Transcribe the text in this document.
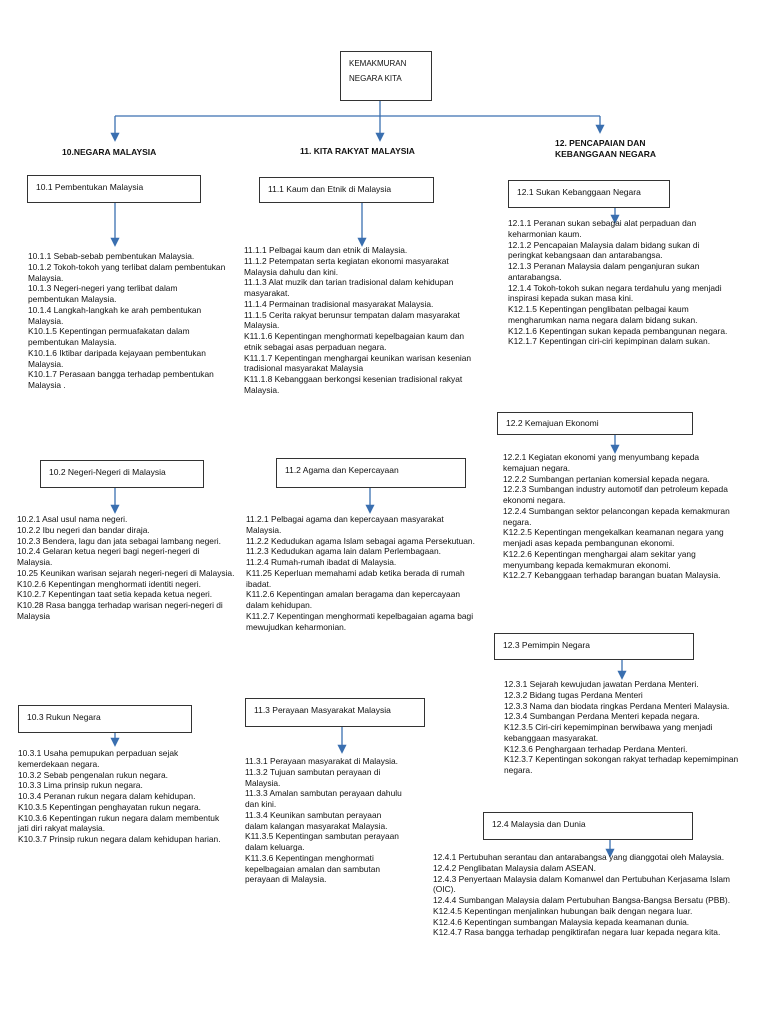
KEMAKMURAN
NEGARA KITA
10.NEGARA MALAYSIA	11. KITA RAKYAT MALAYSIA
12. PENCAPAIAN DAN KEBANGGAAN NEGARA
10.1 Pembentukan Malaysia
10.1.1 Sebab-sebab pembentukan Malaysia.
10.1.2 Tokoh-tokoh yang terlibat dalam pembentukan Malaysia.
10.1.3 Negeri-negeri yang terlibat dalam pembentukan Malaysia.
10.1.4 Langkah-langkah ke arah pembentukan Malaysia.
K10.1.5 Kepentingan permuafakatan dalam pembentukan Malaysia.
K10.1.6 Iktibar daripada kejayaan pembentukan Malaysia.
K10.1.7 Perasaan bangga terhadap pembentukan Malaysia .
10.2 Negeri-Negeri di Malaysia
10.2.1 Asal usul nama negeri.
10.2.2 Ibu negeri dan bandar diraja.
10.2.3 Bendera, lagu dan jata sebagai lambang negeri.
10.2.4 Gelaran ketua negeri bagi negeri-negeri di Malaysia.
10.25 Keunikan warisan sejarah negeri-negeri di Malaysia.
K10.2.6 Kepentingan menghormati identiti negeri.
K10.2.7 Kepentingan taat setia kepada ketua negeri.
K10.28 Rasa bangga terhadap warisan negeri-negeri di Malaysia
10.3 Rukun Negara
10.3.1 Usaha pemupukan perpaduan sejak kemerdekaan negara.
10.3.2 Sebab pengenalan rukun negara.
10.3.3 Lima prinsip rukun negara.
10.3.4 Peranan rukun negara dalam kehidupan.
K10.3.5 Kepentingan penghayatan rukun negara.
K10.3.6 Kepentingan rukun negara dalam membentuk jati diri rakyat malaysia.
K10.3.7 Prinsip rukun negara dalam kehidupan harian.
11.1 Kaum dan Etnik di Malaysia
11.1.1 Pelbagai kaum dan etnik di Malaysia.
11.1.2 Petempatan serta kegiatan ekonomi masyarakat Malaysia dahulu dan kini.
11.1.3 Alat muzik dan tarian tradisional dalam kehidupan masyarakat.
11.1.4 Permainan tradisional masyarakat Malaysia.
11.1.5 Cerita rakyat berunsur tempatan dalam masyarakat Malaysia.
K11.1.6 Kepentingan menghormati kepelbagaian kaum dan etnik sebagai asas perpaduan negara.
K11.1.7 Kepentingan menghargai keunikan warisan kesenian tradisional masyarakat Malaysia
K11.1.8 Kebanggaan berkongsi kesenian tradisional rakyat Malaysia.
11.2 Agama dan Kepercayaan
11.2.1 Pelbagai agama dan kepercayaan masyarakat Malaysia.
11.2.2 Kedudukan agama Islam sebagai agama Persekutuan.
11.2.3 Kedudukan agama lain dalam Perlembagaan.
11.2.4 Rumah-rumah ibadat di Malaysia.
K11.25 Keperluan memahami adab ketika berada di rumah ibadat.
K11.2.6 Kepentingan amalan beragama dan kepercayaan dalam kehidupan.
K11.2.7 Kepentingan menghormati kepelbagaian agama bagi mewujudkan keharmonian.
11.3 Perayaan Masyarakat Malaysia
11.3.1 Perayaan masyarakat di Malaysia.
11.3.2 Tujuan sambutan perayaan di Malaysia.
11.3.3 Amalan sambutan perayaan dahulu dan kini.
11.3.4 Keunikan sambutan perayaan dalam kalangan masyarakat Malaysia.
K11.3.5 Kepentingan sambutan perayaan dalam keluarga.
K11.3.6 Kepentingan menghormati kepelbagaian amalan dan sambutan perayaan di Malaysia.
12.1 Sukan Kebanggaan Negara
12.1.1 Peranan sukan sebagai alat perpaduan dan keharmonian kaum.
12.1.2 Pencapaian Malaysia dalam bidang sukan di peringkat kebangsaan dan antarabangsa.
12.1.3 Peranan Malaysia dalam penganjuran sukan antarabangsa.
12.1.4 Tokoh-tokoh sukan negara terdahulu yang menjadi inspirasi kepada sukan masa kini.
K12.1.5 Kepentingan penglibatan pelbagai kaum mengharumkan nama negara dalam bidang sukan.
K12.1.6 Kepentingan sukan kepada pembangunan negara.
K12.1.7 Kepentingan ciri-ciri kepimpinan dalam sukan.
12.2 Kemajuan Ekonomi
12.2.1 Kegiatan ekonomi yang menyumbang kepada kemajuan negara.
12.2.2 Sumbangan pertanian komersial kepada negara.
12.2.3 Sumbangan industry automotif dan petroleum kepada ekonomi negara.
12.2.4 Sumbangan sektor pelancongan kepada kemakmuran negara.
K12.2.5 Kepentingan mengekalkan keamanan negara yang menjadi asas kepada pembangunan ekonomi.
K12.2.6 Kepentingan menghargai alam sekitar yang menyumbang kepada kemakmuran ekonomi.
K12.2.7 Kebanggaan terhadap barangan buatan Malaysia.
12.3 Pemimpin Negara
12.3.1 Sejarah kewujudan jawatan Perdana Menteri.
12.3.2 Bidang tugas Perdana Menteri
12.3.3 Nama dan biodata ringkas Perdana Menteri Malaysia.
12.3.4 Sumbangan Perdana Menteri kepada negara.
K12.3.5 Ciri-ciri kepemimpinan berwibawa yang menjadi kebanggaan masyarakat.
K12.3.6 Penghargaan terhadap Perdana Menteri.
K12.3.7 Kepentingan sokongan rakyat terhadap kepemimpinan negara.
12.4 Malaysia dan Dunia
12.4.1 Pertubuhan serantau dan antarabangsa yang dianggotai oleh Malaysia.
12.4.2 Penglibatan Malaysia dalam ASEAN.
12.4.3 Penyertaan Malaysia dalam Komanwel dan Pertubuhan Kerjasama Islam (OIC).
12.4.4 Sumbangan Malaysia dalam Pertubuhan Bangsa-Bangsa Bersatu (PBB).
K12.4.5 Kepentingan menjalinkan hubungan baik dengan negara luar.
K12.4.6 Kepentingan sumbangan Malaysia kepada keamanan dunia.
K12.4.7 Rasa bangga terhadap pengiktirafan negara luar kepada negara kita.
